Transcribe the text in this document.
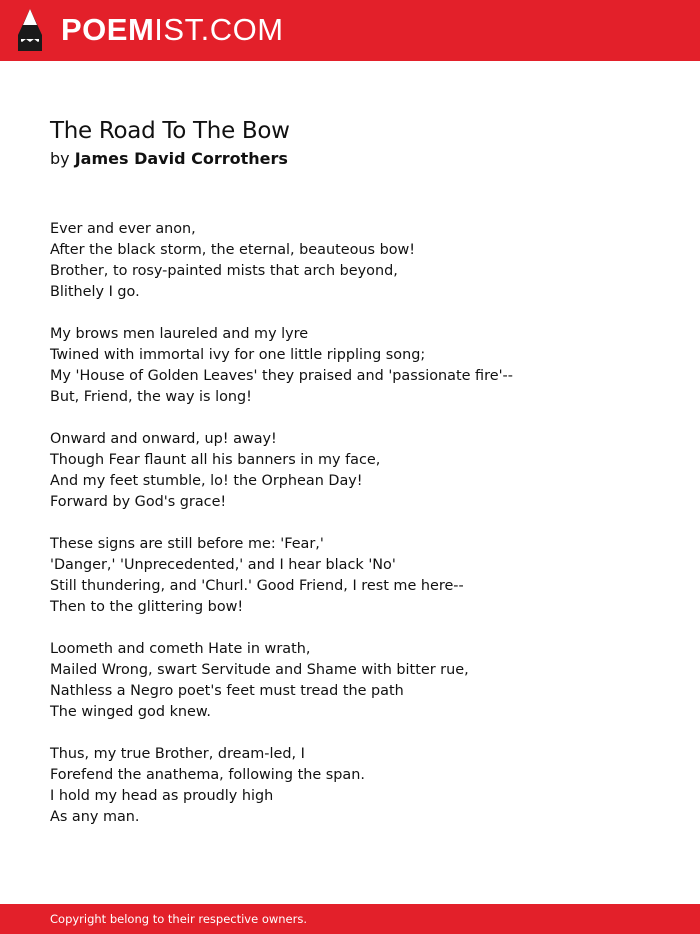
POEMIST.COM
The Road To The Bow
by James David Corrothers
Ever and ever anon,
After the black storm, the eternal, beauteous bow!
Brother, to rosy-painted mists that arch beyond,
Blithely I go.
My brows men laureled and my lyre
Twined with immortal ivy for one little rippling song;
My 'House of Golden Leaves' they praised and 'passionate fire'--
But, Friend, the way is long!
Onward and onward, up! away!
Though Fear flaunt all his banners in my face,
And my feet stumble, lo! the Orphean Day!
Forward by God's grace!
These signs are still before me: 'Fear,'
'Danger,' 'Unprecedented,' and I hear black 'No'
Still thundering, and 'Churl.' Good Friend, I rest me here--
Then to the glittering bow!
Loometh and cometh Hate in wrath,
Mailed Wrong, swart Servitude and Shame with bitter rue,
Nathless a Negro poet's feet must tread the path
The winged god knew.
Thus, my true Brother, dream-led, I
Forefend the anathema, following the span.
I hold my head as proudly high
As any man.
Copyright belong to their respective owners.
